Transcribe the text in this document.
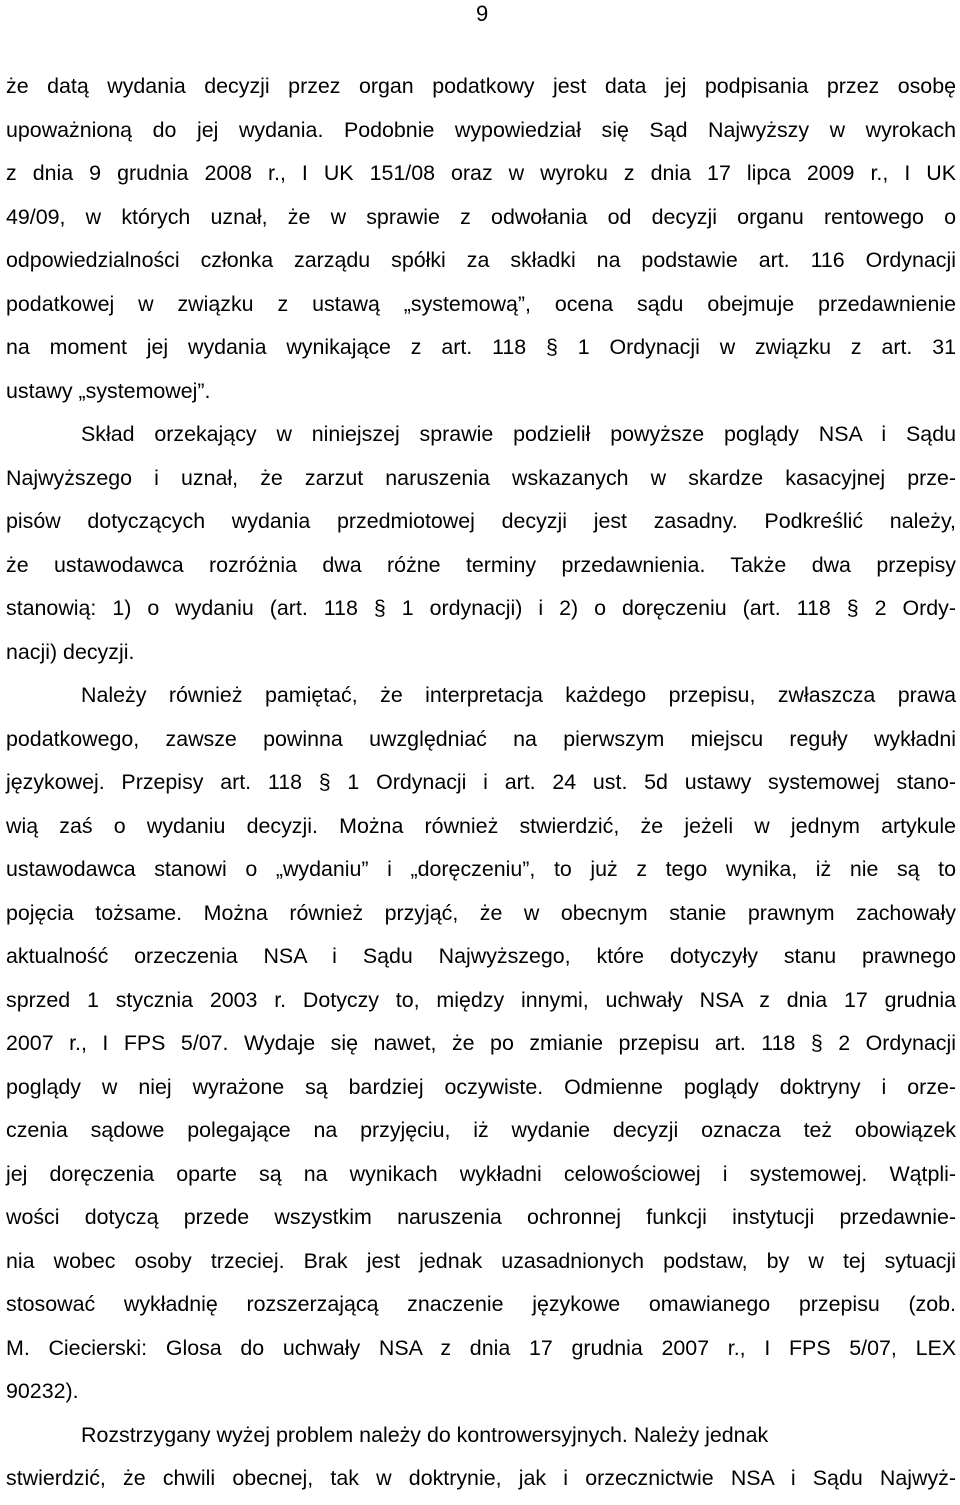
9
że datą wydania decyzji przez organ podatkowy jest data jej podpisania przez osobę
upoważnioną do jej wydania. Podobnie wypowiedział się Sąd Najwyższy w wyrokach
z dnia 9 grudnia 2008 r., I UK 151/08 oraz w wyroku z dnia 17 lipca 2009 r., I UK
49/09, w których uznał, że w sprawie z odwołania od decyzji organu rentowego o
odpowiedzialności członka zarządu spółki za składki na podstawie art. 116 Ordynacji
podatkowej w związku z ustawą „systemową”, ocena sądu obejmuje przedawnienie
na moment jej wydania wynikające z art. 118 § 1 Ordynacji w związku z art. 31
ustawy „systemowej”.
Skład orzekający w niniejszej sprawie podzielił powyższe poglądy NSA i Sądu
Najwyższego i uznał, że zarzut naruszenia wskazanych w skardze kasacyjnej prze-
pisów dotyczących wydania przedmiotowej decyzji jest zasadny. Podkreślić należy,
że ustawodawca rozróżnia dwa różne terminy przedawnienia. Także dwa przepisy
stanowią: 1) o wydaniu (art. 118 § 1 ordynacji) i 2) o doręczeniu (art. 118 § 2 Ordy-
nacji) decyzji.
Należy również pamiętać, że interpretacja każdego przepisu, zwłaszcza prawa
podatkowego, zawsze powinna uwzględniać na pierwszym miejscu reguły wykładni
językowej. Przepisy art. 118 § 1 Ordynacji i art. 24 ust. 5d ustawy systemowej stano-
wią zaś o wydaniu decyzji. Można również stwierdzić, że jeżeli w jednym artykule
ustawodawca stanowi o „wydaniu” i „doręczeniu”, to już z tego wynika, iż nie są to
pojęcia tożsame. Można również przyjąć, że w obecnym stanie prawnym zachowały
aktualność orzeczenia NSA i Sądu Najwyższego, które dotyczyły stanu prawnego
sprzed 1 stycznia 2003 r. Dotyczy to, między innymi, uchwały NSA z dnia 17 grudnia
2007 r., I FPS 5/07. Wydaje się nawet, że po zmianie przepisu art. 118 § 2 Ordynacji
poglądy w niej wyrażone są bardziej oczywiste. Odmienne poglądy doktryny i orze-
czenia sądowe polegające na przyjęciu, iż wydanie decyzji oznacza też obowiązek
jej doręczenia oparte są na wynikach wykładni celowościowej i systemowej. Wątpli-
wości dotyczą przede wszystkim naruszenia ochronnej funkcji instytucji przedawnie-
nia wobec osoby trzeciej. Brak jest jednak uzasadnionych podstaw, by w tej sytuacji
stosować wykładnię rozszerzającą znaczenie językowe omawianego przepisu (zob.
M. Ciecierski: Glosa do uchwały NSA z dnia 17 grudnia 2007 r., I FPS 5/07, LEX
90232).
Rozstrzygany wyżej problem należy do kontrowersyjnych. Należy jednak
stwierdzić, że chwili obecnej, tak w doktrynie, jak i orzecznictwie NSA i Sądu Najwyż-
